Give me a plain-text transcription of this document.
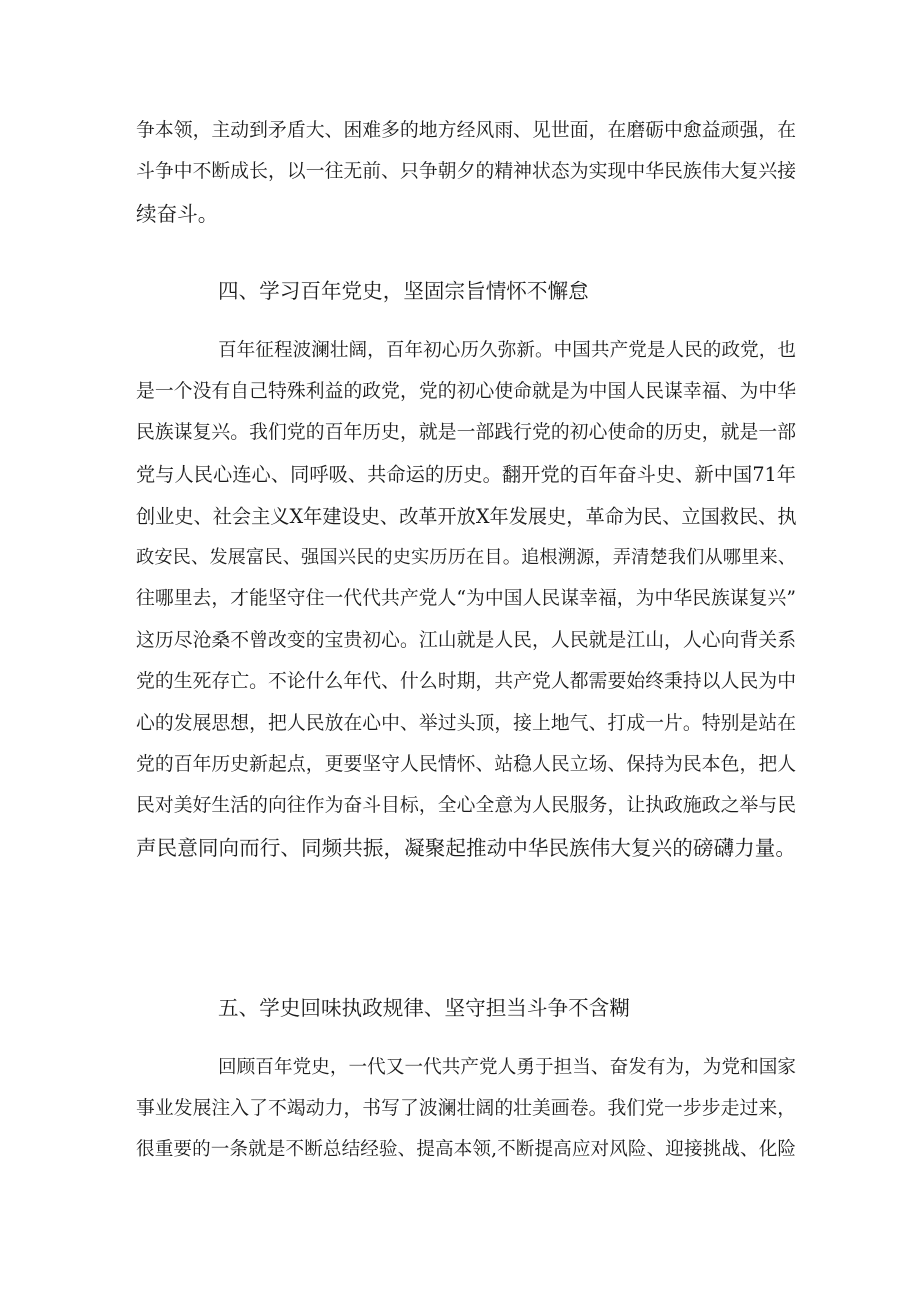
争本领，主动到矛盾大、困难多的地方经风雨、见世面，在磨砺中愈益顽强，在
斗争中不断成长，以一往无前、只争朝夕的精神状态为实现中华民族伟大复兴接
续奋斗。
四、学习百年党史，坚固宗旨情怀不懈怠
百年征程波澜壮阔，百年初心历久弥新。中国共产党是人民的政党，也
是一个没有自己特殊利益的政党，党的初心使命就是为中国人民谋幸福、为中华
民族谋复兴。我们党的百年历史，就是一部践行党的初心使命的历史，就是一部
党与人民心连心、同呼吸、共命运的历史。翻开党的百年奋斗史、新中国71年
创业史、社会主义X年建设史、改革开放X年发展史，革命为民、立国救民、执
政安民、发展富民、强国兴民的史实历历在目。追根溯源，弄清楚我们从哪里来、
往哪里去，才能坚守住一代代共产党人“为中国人民谋幸福，为中华民族谋复兴”
这历尽沧桑不曾改变的宝贵初心。江山就是人民，人民就是江山，人心向背关系
党的生死存亡。不论什么年代、什么时期，共产党人都需要始终秉持以人民为中
心的发展思想，把人民放在心中、举过头顶，接上地气、打成一片。特别是站在
党的百年历史新起点，更要坚守人民情怀、站稳人民立场、保持为民本色，把人
民对美好生活的向往作为奋斗目标，全心全意为人民服务，让执政施政之举与民
声民意同向而行、同频共振，凝聚起推动中华民族伟大复兴的磅礴力量。
五、学史回味执政规律、坚守担当斗争不含糊
回顾百年党史，一代又一代共产党人勇于担当、奋发有为，为党和国家
事业发展注入了不竭动力，书写了波澜壮阔的壮美画卷。我们党一步步走过来，
很重要的一条就是不断总结经验、提高本领,不断提高应对风险、迎接挑战、化险
